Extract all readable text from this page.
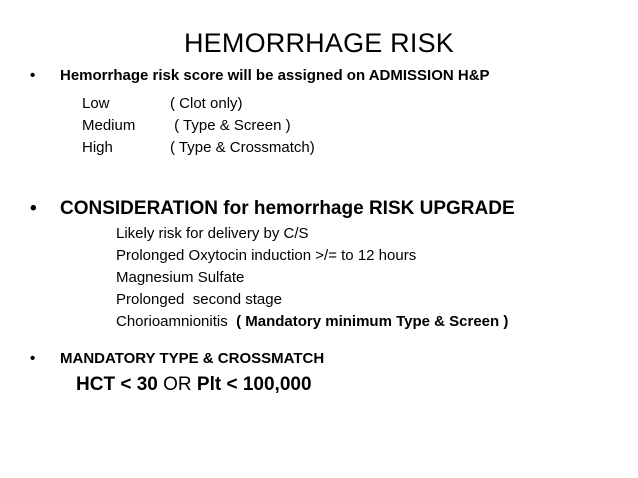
HEMORRHAGE RISK
•	Hemorrhage risk score will be assigned on ADMISSION H&P
Low	( Clot only)
Medium	( Type & Screen )
High	( Type & Crossmatch)
•	CONSIDERATION for hemorrhage RISK UPGRADE
Likely risk for delivery by C/S
Prolonged Oxytocin induction >/= to 12 hours
Magnesium Sulfate
Prolonged  second stage
Chorioamnionitis ( Mandatory minimum Type & Screen )
•	MANDATORY TYPE & CROSSMATCH
HCT < 30 OR Plt < 100,000
